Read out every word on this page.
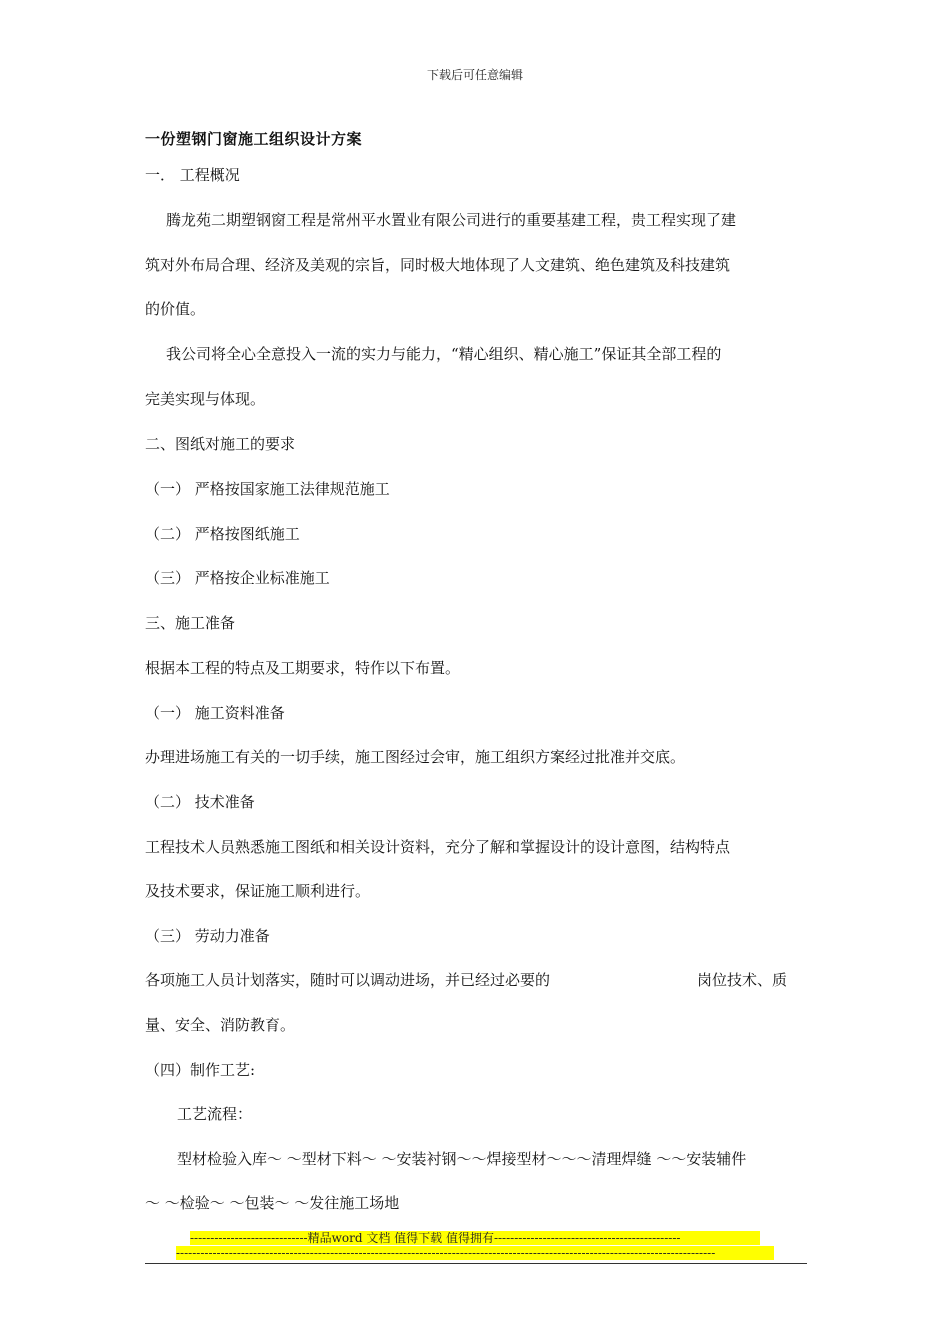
下载后可任意编辑
一份塑钢门窗施工组织设计方案
一． 工程概况
腾龙苑二期塑钢窗工程是常州平水置业有限公司进行的重要基建工程，贵工程实现了建
筑对外布局合理、经济及美观的宗旨，同时极大地体现了人文建筑、绝色建筑及科技建筑
的价值。
我公司将全心全意投入一流的实力与能力，“精心组织、精心施工”保证其全部工程的
完美实现与体现。
二、图纸对施工的要求
（一） 严格按国家施工法律规范施工
（二） 严格按图纸施工
（三） 严格按企业标准施工
三、施工准备
根据本工程的特点及工期要求，特作以下布置。
（一） 施工资料准备
办理进场施工有关的一切手续，施工图经过会审，施工组织方案经过批准并交底。
（二） 技术准备
工程技术人员熟悉施工图纸和相关设计资料，充分了解和掌握设计的设计意图，结构特点
及技术要求，保证施工顺利进行。
（三） 劳动力准备
各项施工人员计划落实，随时可以调动进场，并已经过必要的	岗位技术、质
量、安全、消防教育。
（四）制作工艺:
工艺流程：
型材检验入库～ ～型材下料～ ～安装衬钢～～焊接型材～～～清理焊缝 ～～安装辅件
～ ～检验～ ～包装～ ～发往施工场地
-----------------------------精品word 文档 值得下载 值得拥有----------------------------------------------
-------------------------------------------------------------------------------------------------------------------------------------
